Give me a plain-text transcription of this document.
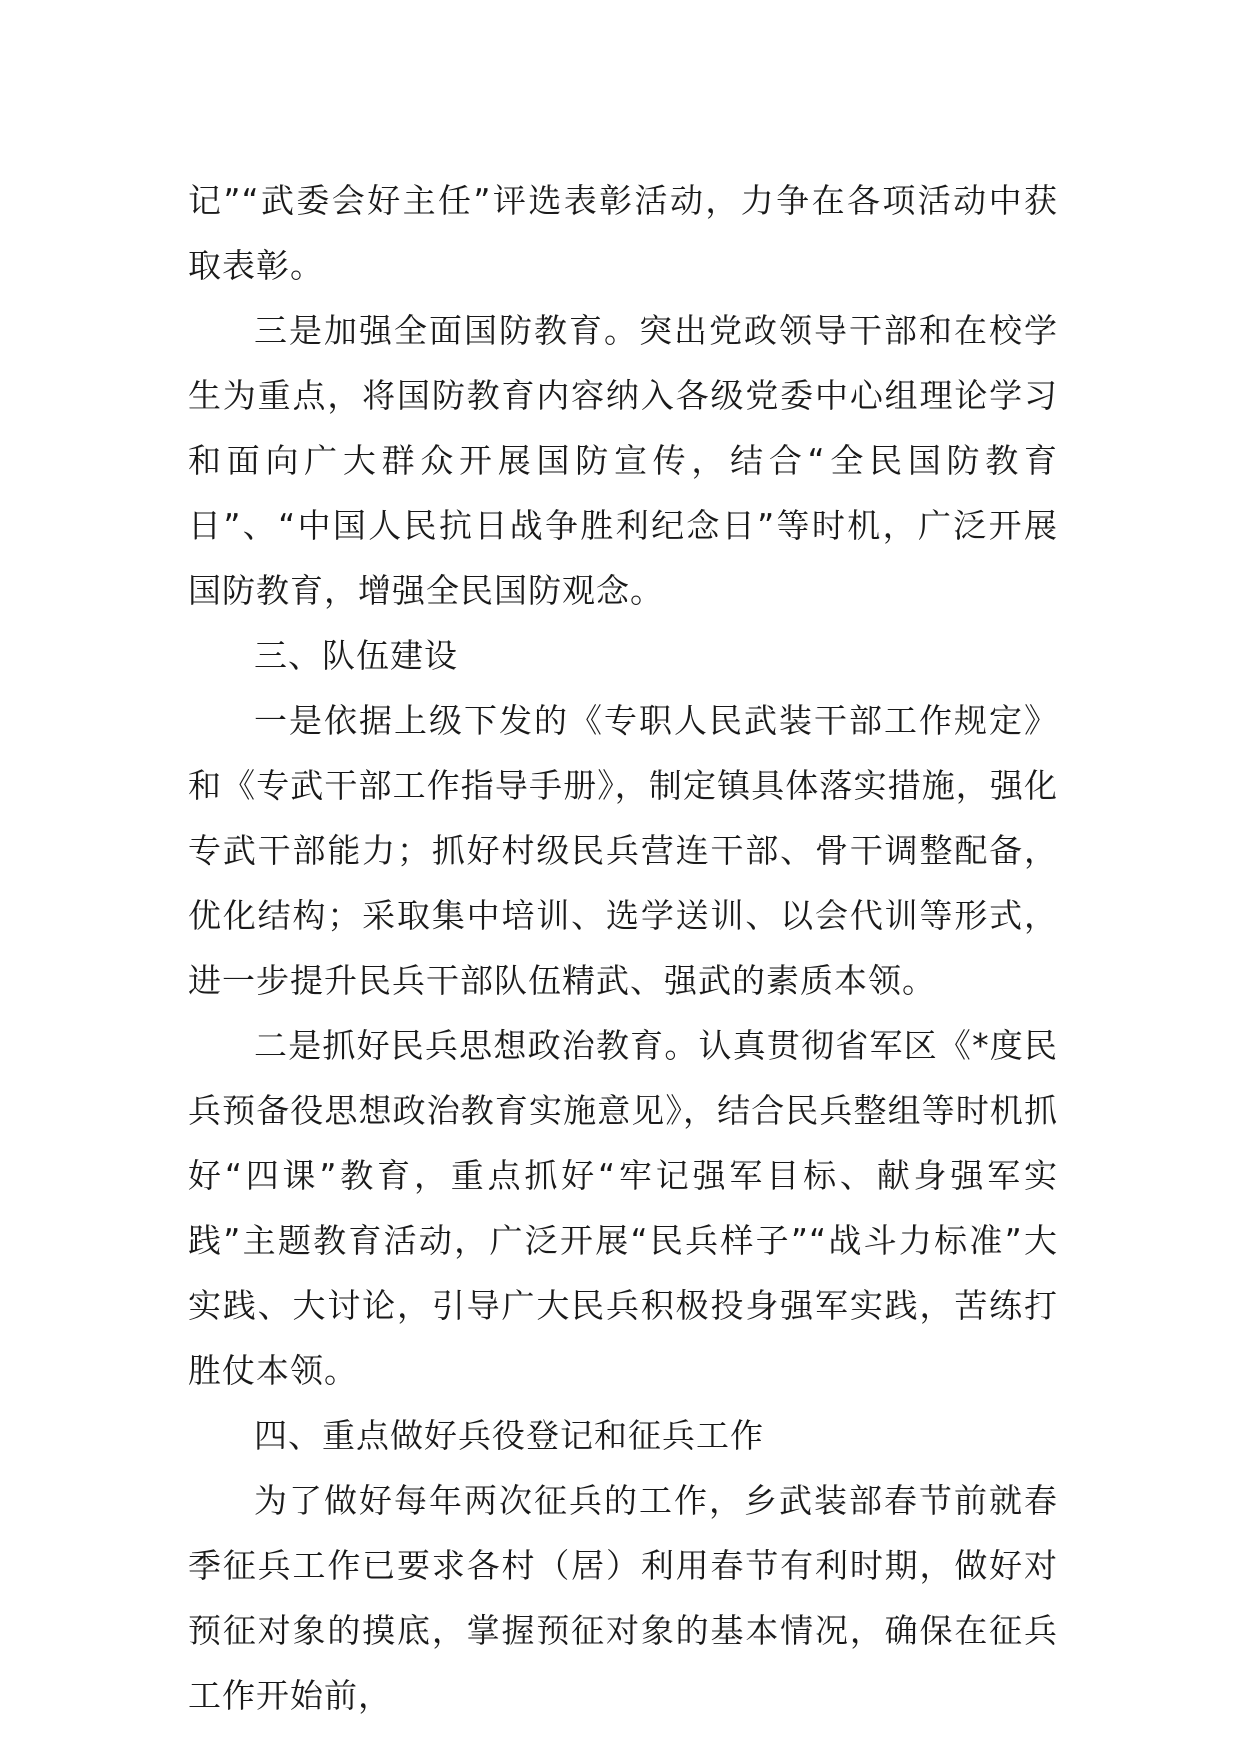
记”“武委会好主任”评选表彰活动，力争在各项活动中获取表彰。

三是加强全面国防教育。突出党政领导干部和在校学生为重点，将国防教育内容纳入各级党委中心组理论学习和面向广大群众开展国防宣传，结合“全民国防教育日”、“中国人民抗日战争胜利纪念日”等时机，广泛开展国防教育，增强全民国防观念。

三、队伍建设

一是依据上级下发的《专职人民武装干部工作规定》和《专武干部工作指导手册》，制定镇具体落实措施，强化专武干部能力；抓好村级民兵营连干部、骨干调整配备，优化结构；采取集中培训、选学送训、以会代训等形式，进一步提升民兵干部队伍精武、强武的素质本领。

二是抓好民兵思想政治教育。认真贯彻省军区《*度民兵预备役思想政治教育实施意见》，结合民兵整组等时机抓好“四课”教育，重点抓好“牢记强军目标、献身强军实践”主题教育活动，广泛开展“民兵样子”“战斗力标准”大实践、大讨论，引导广大民兵积极投身强军实践，苦练打胜仗本领。

四、重点做好兵役登记和征兵工作

为了做好每年两次征兵的工作，乡武装部春节前就春季征兵工作已要求各村（居）利用春节有利时期，做好对预征对象的摸底，掌握预征对象的基本情况，确保在征兵工作开始前，
